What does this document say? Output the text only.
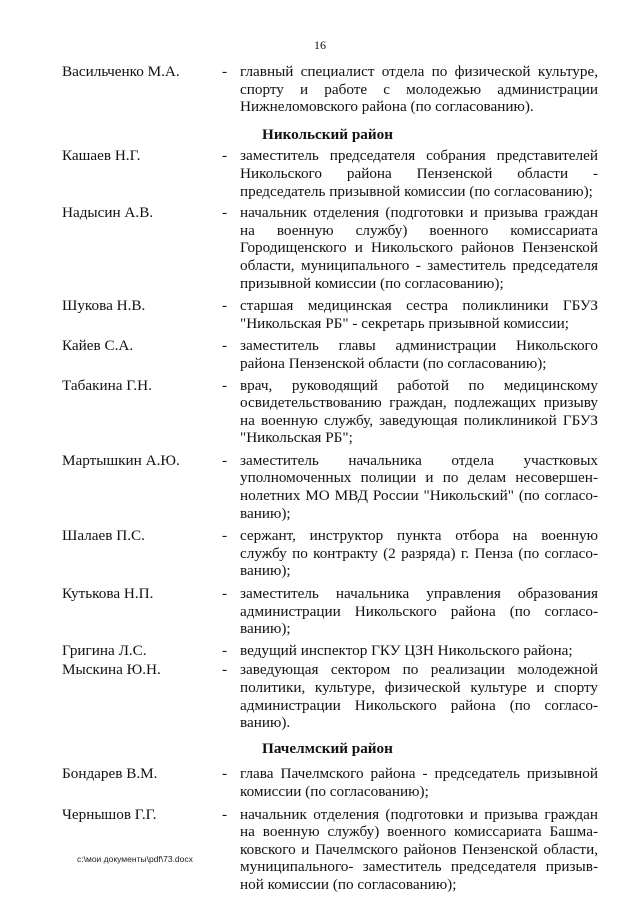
16
Васильченко М.А.	- главный специалист отдела по физической культуре, спорту и работе с молодежью администрации Нижнеломовского района (по согласованию).
Никольский район
Кашаев Н.Г.	- заместитель председателя собрания представителей Никольского района Пензенской области - председатель призывной комиссии (по согласованию);
Надысин А.В.	- начальник отделения (подготовки и призыва граждан на военную службу) военного комиссариата Городищенского и Никольского районов Пензенской области, муниципального - заместитель председателя призывной комиссии (по согласованию);
Шукова Н.В.	- старшая медицинская сестра поликлиники ГБУЗ "Никольская РБ" - секретарь призывной комиссии;
Кайев С.А.	- заместитель главы администрации Никольского района Пензенской области (по согласованию);
Табакина Г.Н.	- врач, руководящий работой по медицинскому освидетельствованию граждан, подлежащих призыву на военную службу, заведующая поликлиникой ГБУЗ "Никольская РБ";
Мартышкин А.Ю.	- заместитель начальника отдела участковых уполномоченных полиции и по делам несовершеннолетних МО МВД России "Никольский" (по согласованию);
Шалаев П.С.	- сержант, инструктор пункта отбора на военную службу по контракту (2 разряда) г. Пенза (по согласованию);
Кутькова Н.П.	- заместитель начальника управления образования администрации Никольского района (по согласованию);
Григина Л.С.	- ведущий инспектор ГКУ ЦЗН Никольского района;
Мыскина Ю.Н.	- заведующая сектором по реализации молодежной политики, культуре, физической культуре и спорту администрации Никольского района (по согласованию).
Пачелмский район
Бондарев В.М.	- глава Пачелмского района - председатель призывной комиссии (по согласованию);
Чернышов Г.Г.	- начальник отделения (подготовки и призыва граждан на военную службу) военного комиссариата Башмаковского и Пачелмского районов Пензенской области, муниципального- заместитель председателя призывной комиссии (по согласованию);
c:\мои документы\pdf\73.docx
